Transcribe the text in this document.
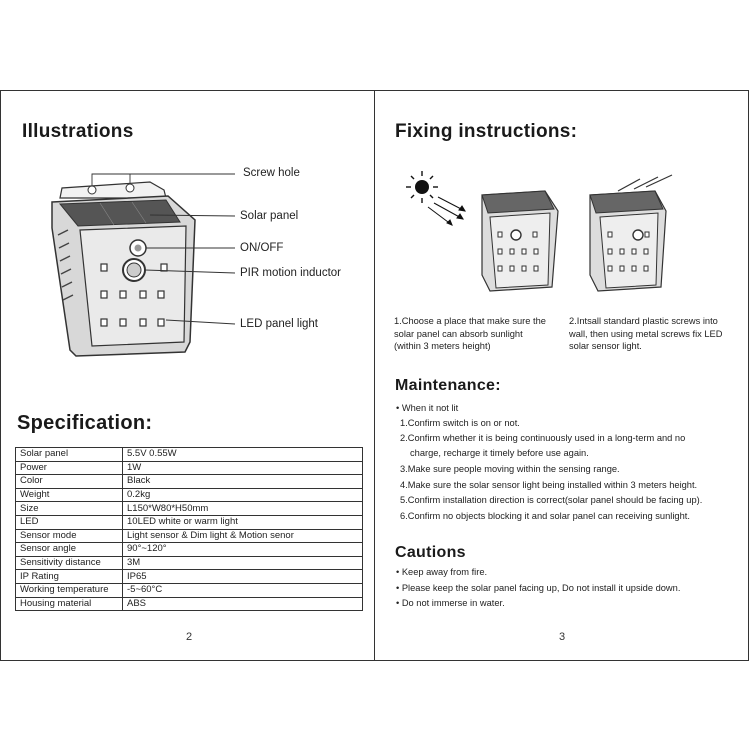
Illustrations
Screw hole
Solar panel
ON/OFF
PIR motion inductor
LED panel light
Specification:
Solar panel	5.5V 0.55W
Power	1W
Color	Black
Weight	0.2kg
Size	L150*W80*H50mm
LED	10LED white or warm light
Sensor mode	Light sensor & Dim light & Motion senor
Sensor angle	90°~120°
Sensitivity distance	3M
IP Rating	IP65
Working temperature	-5~60°C
Housing material	ABS
2
Fixing instructions:
1.Choose a place that make sure the
solar panel can absorb sunlight
(within 3 meters height)
2.Intsall standard plastic screws into
wall, then using metal screws fix LED
solar sensor light.
Maintenance:
• When it not lit
1.Confirm switch is on or not.
2.Confirm whether it is being continuously used in a long-term and no
charge, recharge it timely before use again.
3.Make sure people moving within the sensing range.
4.Make sure the solar sensor light being installed within 3 meters height.
5.Confirm installation direction is correct(solar panel should be facing up).
6.Confirm no objects blocking it and solar panel can receiving sunlight.
Cautions
• Keep away from fire.
• Please keep the solar panel facing up, Do not install it upside down.
• Do not immerse in water.
3
